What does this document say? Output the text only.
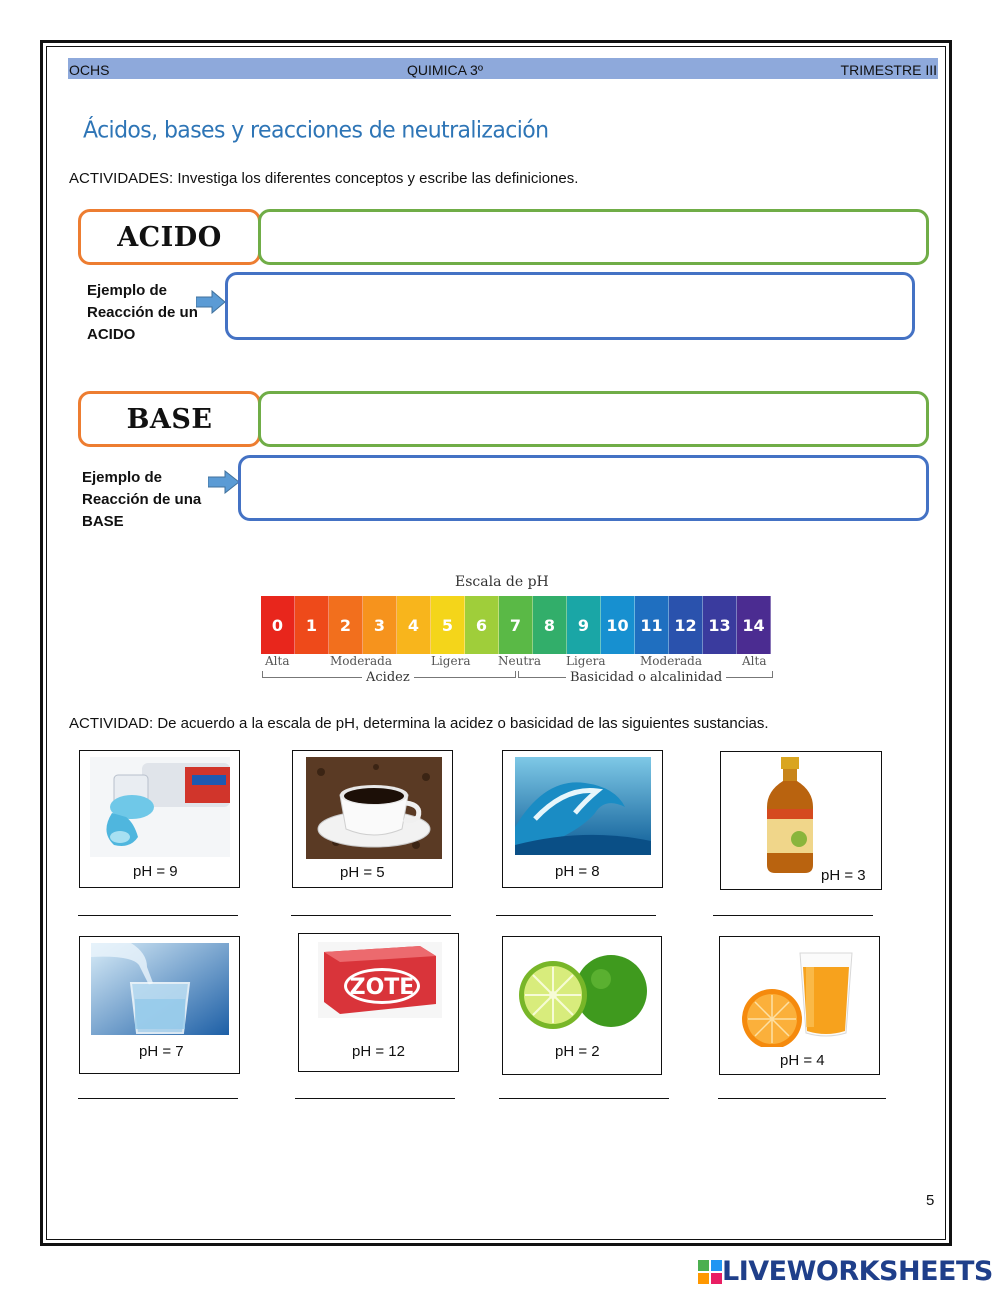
OCHS	QUIMICA 3º	TRIMESTRE III
Ácidos, bases y reacciones de neutralización
ACTIVIDADES: Investiga los diferentes conceptos y escribe las definiciones.
ACIDO
Ejemplo de
Reacción de un
ACIDO
BASE
Ejemplo de
Reacción de una
BASE
Escala de pH
0	1	2	3	4	5	6	7	8	9	10 11 12 13 14
Alta	Moderada	Ligera Neutra Ligera	Moderada	Alta
Acidez	Basicidad o alcalinidad
ACTIVIDAD: De acuerdo a la escala de pH, determina la acidez o basicidad de las siguientes sustancias.
pH = 9	pH = 5	pH = 8	pH = 3
pH = 7
ZOTE
pH = 12	pH = 2
pH = 4
5
LIVEWORKSHEETS
